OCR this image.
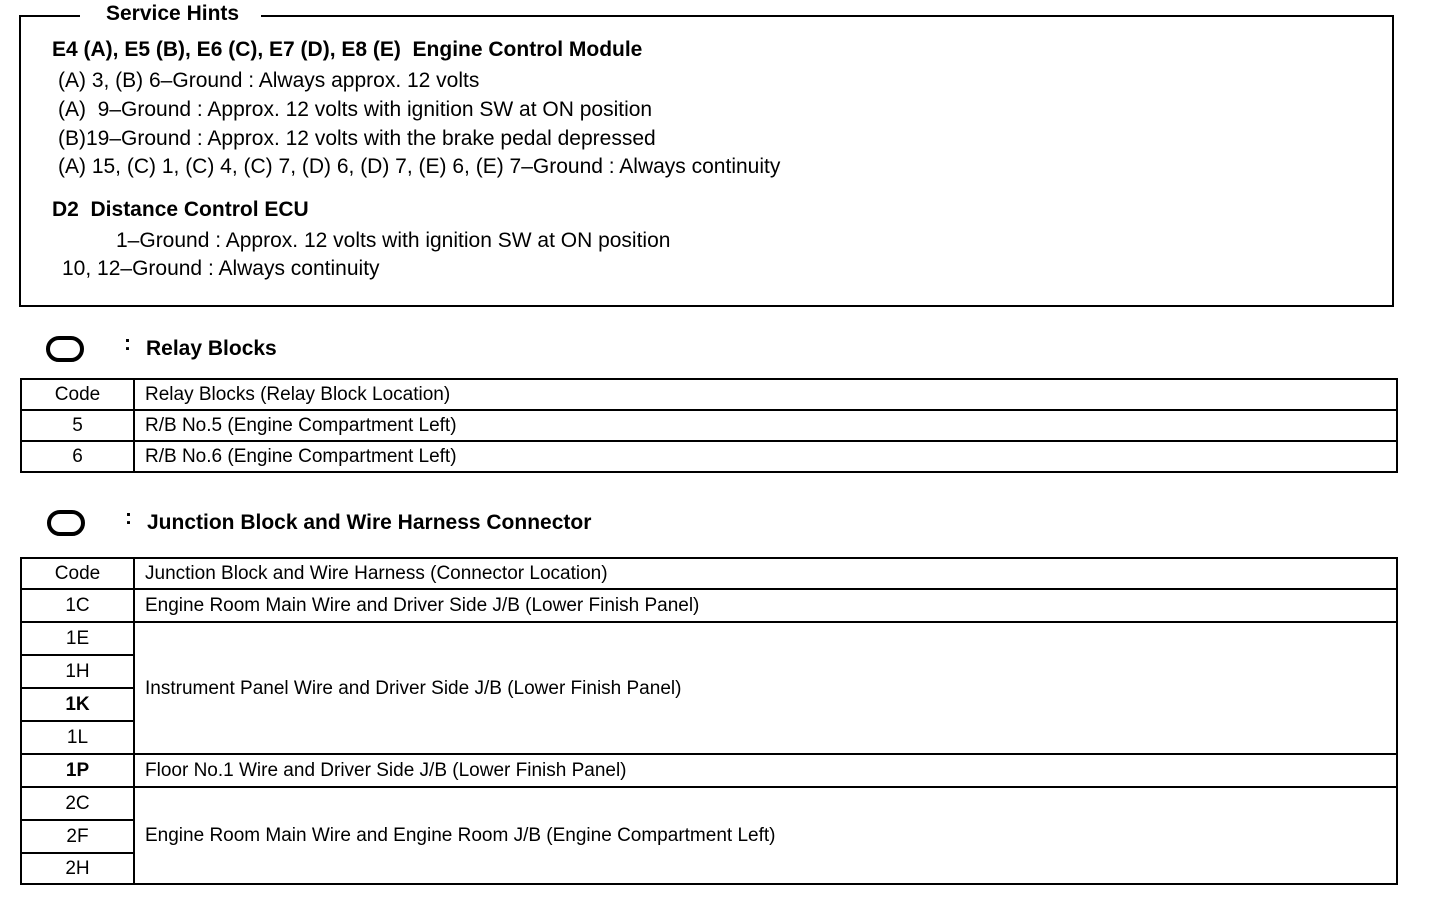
Service Hints
E4 (A), E5 (B), E6 (C), E7 (D), E8 (E)  Engine Control Module
(A) 3, (B) 6–Ground : Always approx. 12 volts
(A)  9–Ground : Approx. 12 volts with ignition SW at ON position
(B)19–Ground : Approx. 12 volts with the brake pedal depressed
(A) 15, (C) 1, (C) 4, (C) 7, (D) 6, (D) 7, (E) 6, (E) 7–Ground : Always continuity
D2  Distance Control ECU
1–Ground : Approx. 12 volts with ignition SW at ON position
10, 12–Ground : Always continuity
: Relay Blocks
Code	Relay Blocks (Relay Block Location)
5	R/B No.5 (Engine Compartment Left)
6	R/B No.6 (Engine Compartment Left)
: Junction Block and Wire Harness Connector
Code	Junction Block and Wire Harness (Connector Location)
1C	Engine Room Main Wire and Driver Side J/B (Lower Finish Panel)
1E	Instrument Panel Wire and Driver Side J/B (Lower Finish Panel)
1H	
1K	
1L	
1P	Floor No.1 Wire and Driver Side J/B (Lower Finish Panel)
2C	Engine Room Main Wire and Engine Room J/B (Engine Compartment Left)
2F	
2H	
